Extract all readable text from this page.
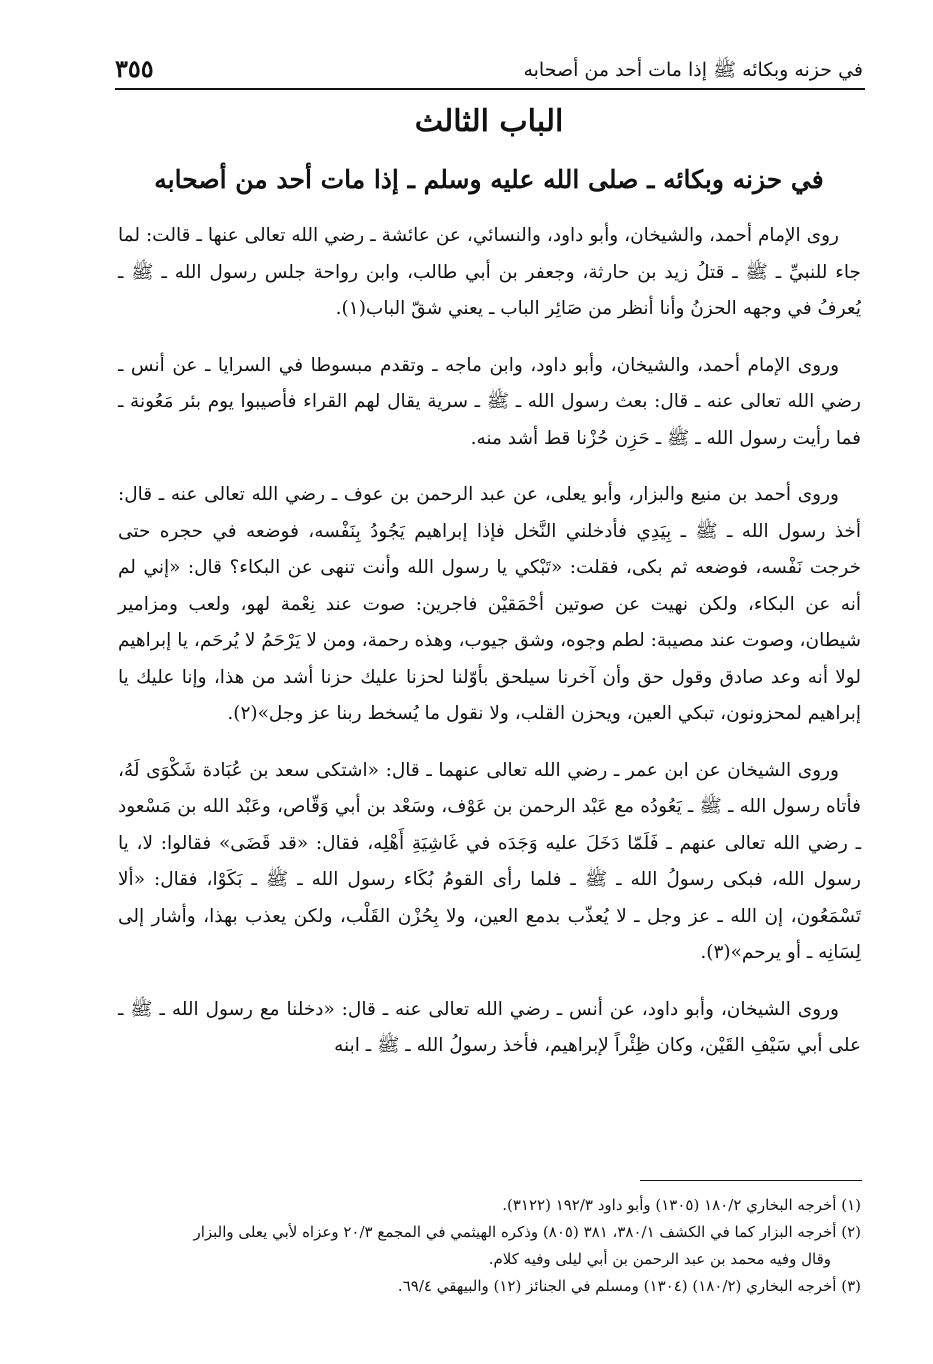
في حزنه وبكائه ﷺ إذا مات أحد من أصحابه
٣٥٥
الباب الثالث
في حزنه وبكائه ـ صلى الله عليه وسلم ـ إذا مات أحد من أصحابه

روى الإمام أحمد، والشيخان، وأبو داود، والنسائي، عن عائشة ـ رضي الله تعالى عنها ـ قالت: لما جاء للنبيِّ ـ ﷺ ـ قتلُ زيد بن حارثة، وجعفر بن أبي طالب، وابن رواحة جلس رسول الله ـ ﷺ ـ يُعرفُ في وجهه الحزنُ وأنا أنظر من صَائِر الباب ـ يعني شقّ الباب(١).

وروى الإمام أحمد، والشيخان، وأبو داود، وابن ماجه ـ وتقدم مبسوطا في السرايا ـ عن أنس ـ رضي الله تعالى عنه ـ قال: بعث رسول الله ـ ﷺ ـ سرية يقال لهم القراء فأصيبوا يوم بئر مَعُونة ـ فما رأيت رسول الله ـ ﷺ ـ حَزِن حُزْنا قط أشد منه.

وروى أحمد بن منيع والبزار، وأبو يعلى، عن عبد الرحمن بن عوف ـ رضي الله تعالى عنه ـ قال: أخذ رسول الله ـ ﷺ ـ بِيَدِي فأدخلني النَّخل فإذا إبراهيم يَجُودُ بِنَفْسه، فوضعه في حجره حتى خرجت نَفْسه، فوضعه ثم بكى، فقلت: «تَبْكي يا رسول الله وأنت تنهى عن البكاء؟ قال: «إني لم أنه عن البكاء، ولكن نهيت عن صوتين أحْمَقيْن فاجرين: صوت عند نِعْمة لهو، ولعب ومزامير شيطان، وصوت عند مصيبة: لطم وجوه، وشق جيوب، وهذه رحمة، ومن لا يَرْحَمُ لا يُرحَم، يا إبراهيم لولا أنه وعد صادق وقول حق وأن آخرنا سيلحق بأوّلنا لحزنا عليك حزنا أشد من هذا، وإنا عليك يا إبراهيم لمحزونون، تبكي العين، ويحزن القلب، ولا نقول ما يُسخط ربنا عز وجل»(٢).

وروى الشيخان عن ابن عمر ـ رضي الله تعالى عنهما ـ قال: «اشتكى سعد بن عُبَادة شَكْوَى لَهُ، فأتاه رسول الله ـ ﷺ ـ يَعُودُه مع عَبْد الرحمن بن عَوْف، وسَعْد بن أبي وَقّاص، وعَبْد الله بن مَسْعود ـ رضي الله تعالى عنهم ـ فَلَمّا دَخَلَ عليه وَجَدَه في غَاشِيَةِ أَهْلِه، فقال: «قد قَضَى» فقالوا: لا، يا رسول الله، فبكى رسولُ الله ـ ﷺ ـ فلما رأى القومُ بُكَاء رسول الله ـ ﷺ ـ بَكَوْا، فقال: «ألا تَسْمَعُون، إن الله ـ عز وجل ـ لا يُعذّب بدمع العين، ولا بِحُزْن القَلْب، ولكن يعذب بهذا، وأشار إلى لِسَانِه ـ أو يرحم»(٣).

وروى الشيخان، وأبو داود، عن أنس ـ رضي الله تعالى عنه ـ قال: «دخلنا مع رسول الله ـ ﷺ ـ على أبي سَيْفِ القَيْن، وكان ظِئْراً لإبراهيم، فأخذ رسولُ الله ـ ﷺ ـ ابنه

(١) أخرجه البخاري ١٨٠/٢ (١٣٠٥) وأبو داود ١٩٢/٣ (٣١٢٢).

(٢) أخرجه البزار كما في الكشف ٣٨٠/١، ٣٨١ (٨٠٥) وذكره الهيثمي في المجمع ٢٠/٣ وعزاه لأبي يعلى والبزار

وقال وفيه محمد بن عبد الرحمن بن أبي ليلى وفيه كلام.

(٣) أخرجه البخاري (١٨٠/٢) (١٣٠٤) ومسلم في الجنائز (١٢) والبيهقي ٦٩/٤.
